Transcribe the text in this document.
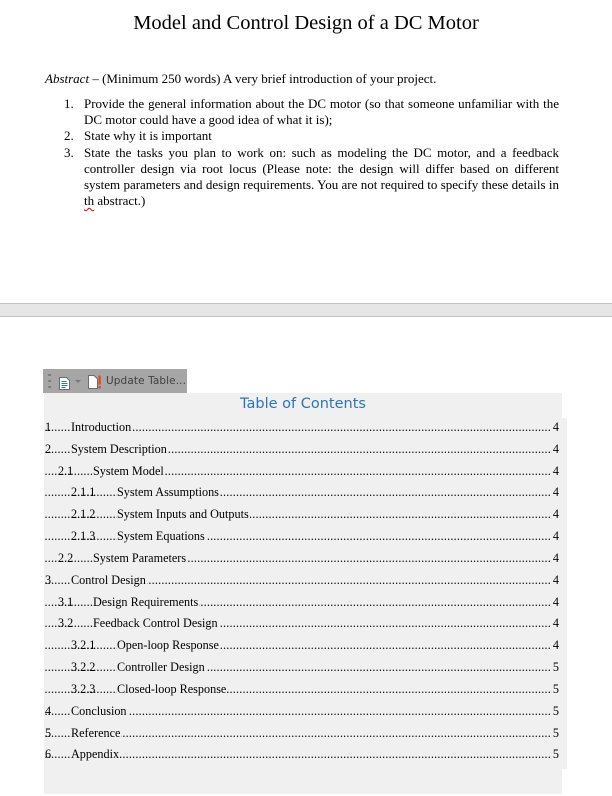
Model and Control Design of a DC Motor
Abstract – (Minimum 250 words) A very brief introduction of your project.
1. Provide the general information about the DC motor (so that someone unfamiliar with the DC motor could have a good idea of what it is);
2. State why it is important
3. State the tasks you plan to work on: such as modeling the DC motor, and a feedback controller design via root locus (Please note: the design will differ based on different system parameters and design requirements. You are not required to specify these details in th abstract.)
Update Table...
Table of Contents
.....
1 Introduction	4
.....
2 System Description	4
.....
2.1 System Model	4
.....
2.1.1 System Assumptions	4
.....
2.1.2 System Inputs and Outputs	4
.....
2.1.3 System Equations	4
.....
2.2 System Parameters	4
.....
3 Control Design	4
.....
3.1 Design Requirements	4
.....
3.2 Feedback Control Design	4
.....
3.2.1 Open-loop Response	4
.....
3.2.2 Controller Design	5
.....
3.2.3 Closed-loop Response	5
.....
4 Conclusion	5
.....
5 Reference	5
.....
6 Appendix	5
